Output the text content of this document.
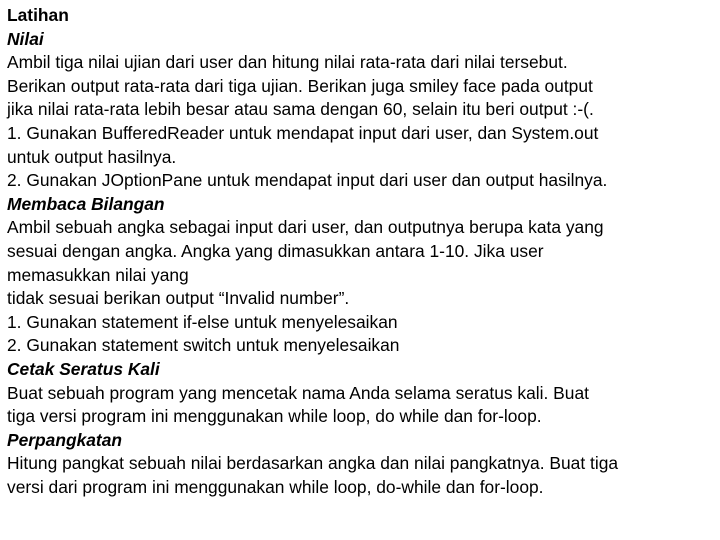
Latihan
Nilai
Ambil tiga nilai ujian dari user dan hitung nilai rata-rata dari nilai tersebut.
Berikan output rata-rata dari tiga ujian. Berikan juga smiley face pada output
jika nilai rata-rata lebih besar atau sama dengan 60, selain itu beri output :-(.
1. Gunakan BufferedReader untuk mendapat input dari user, dan System.out
untuk output hasilnya.
2. Gunakan JOptionPane untuk mendapat input dari user dan output hasilnya.
Membaca Bilangan
Ambil sebuah angka sebagai input dari user, dan outputnya berupa kata yang
sesuai dengan angka. Angka yang dimasukkan antara 1-10. Jika user
memasukkan nilai yang
tidak sesuai berikan output “Invalid number”.
1. Gunakan statement if-else untuk menyelesaikan
2. Gunakan statement switch untuk menyelesaikan
Cetak Seratus Kali
Buat sebuah program yang mencetak nama Anda selama seratus kali. Buat
tiga versi program ini menggunakan while loop, do while dan for-loop.
Perpangkatan
Hitung pangkat sebuah nilai berdasarkan angka dan nilai pangkatnya. Buat tiga
versi dari program ini menggunakan while loop, do-while dan for-loop.
